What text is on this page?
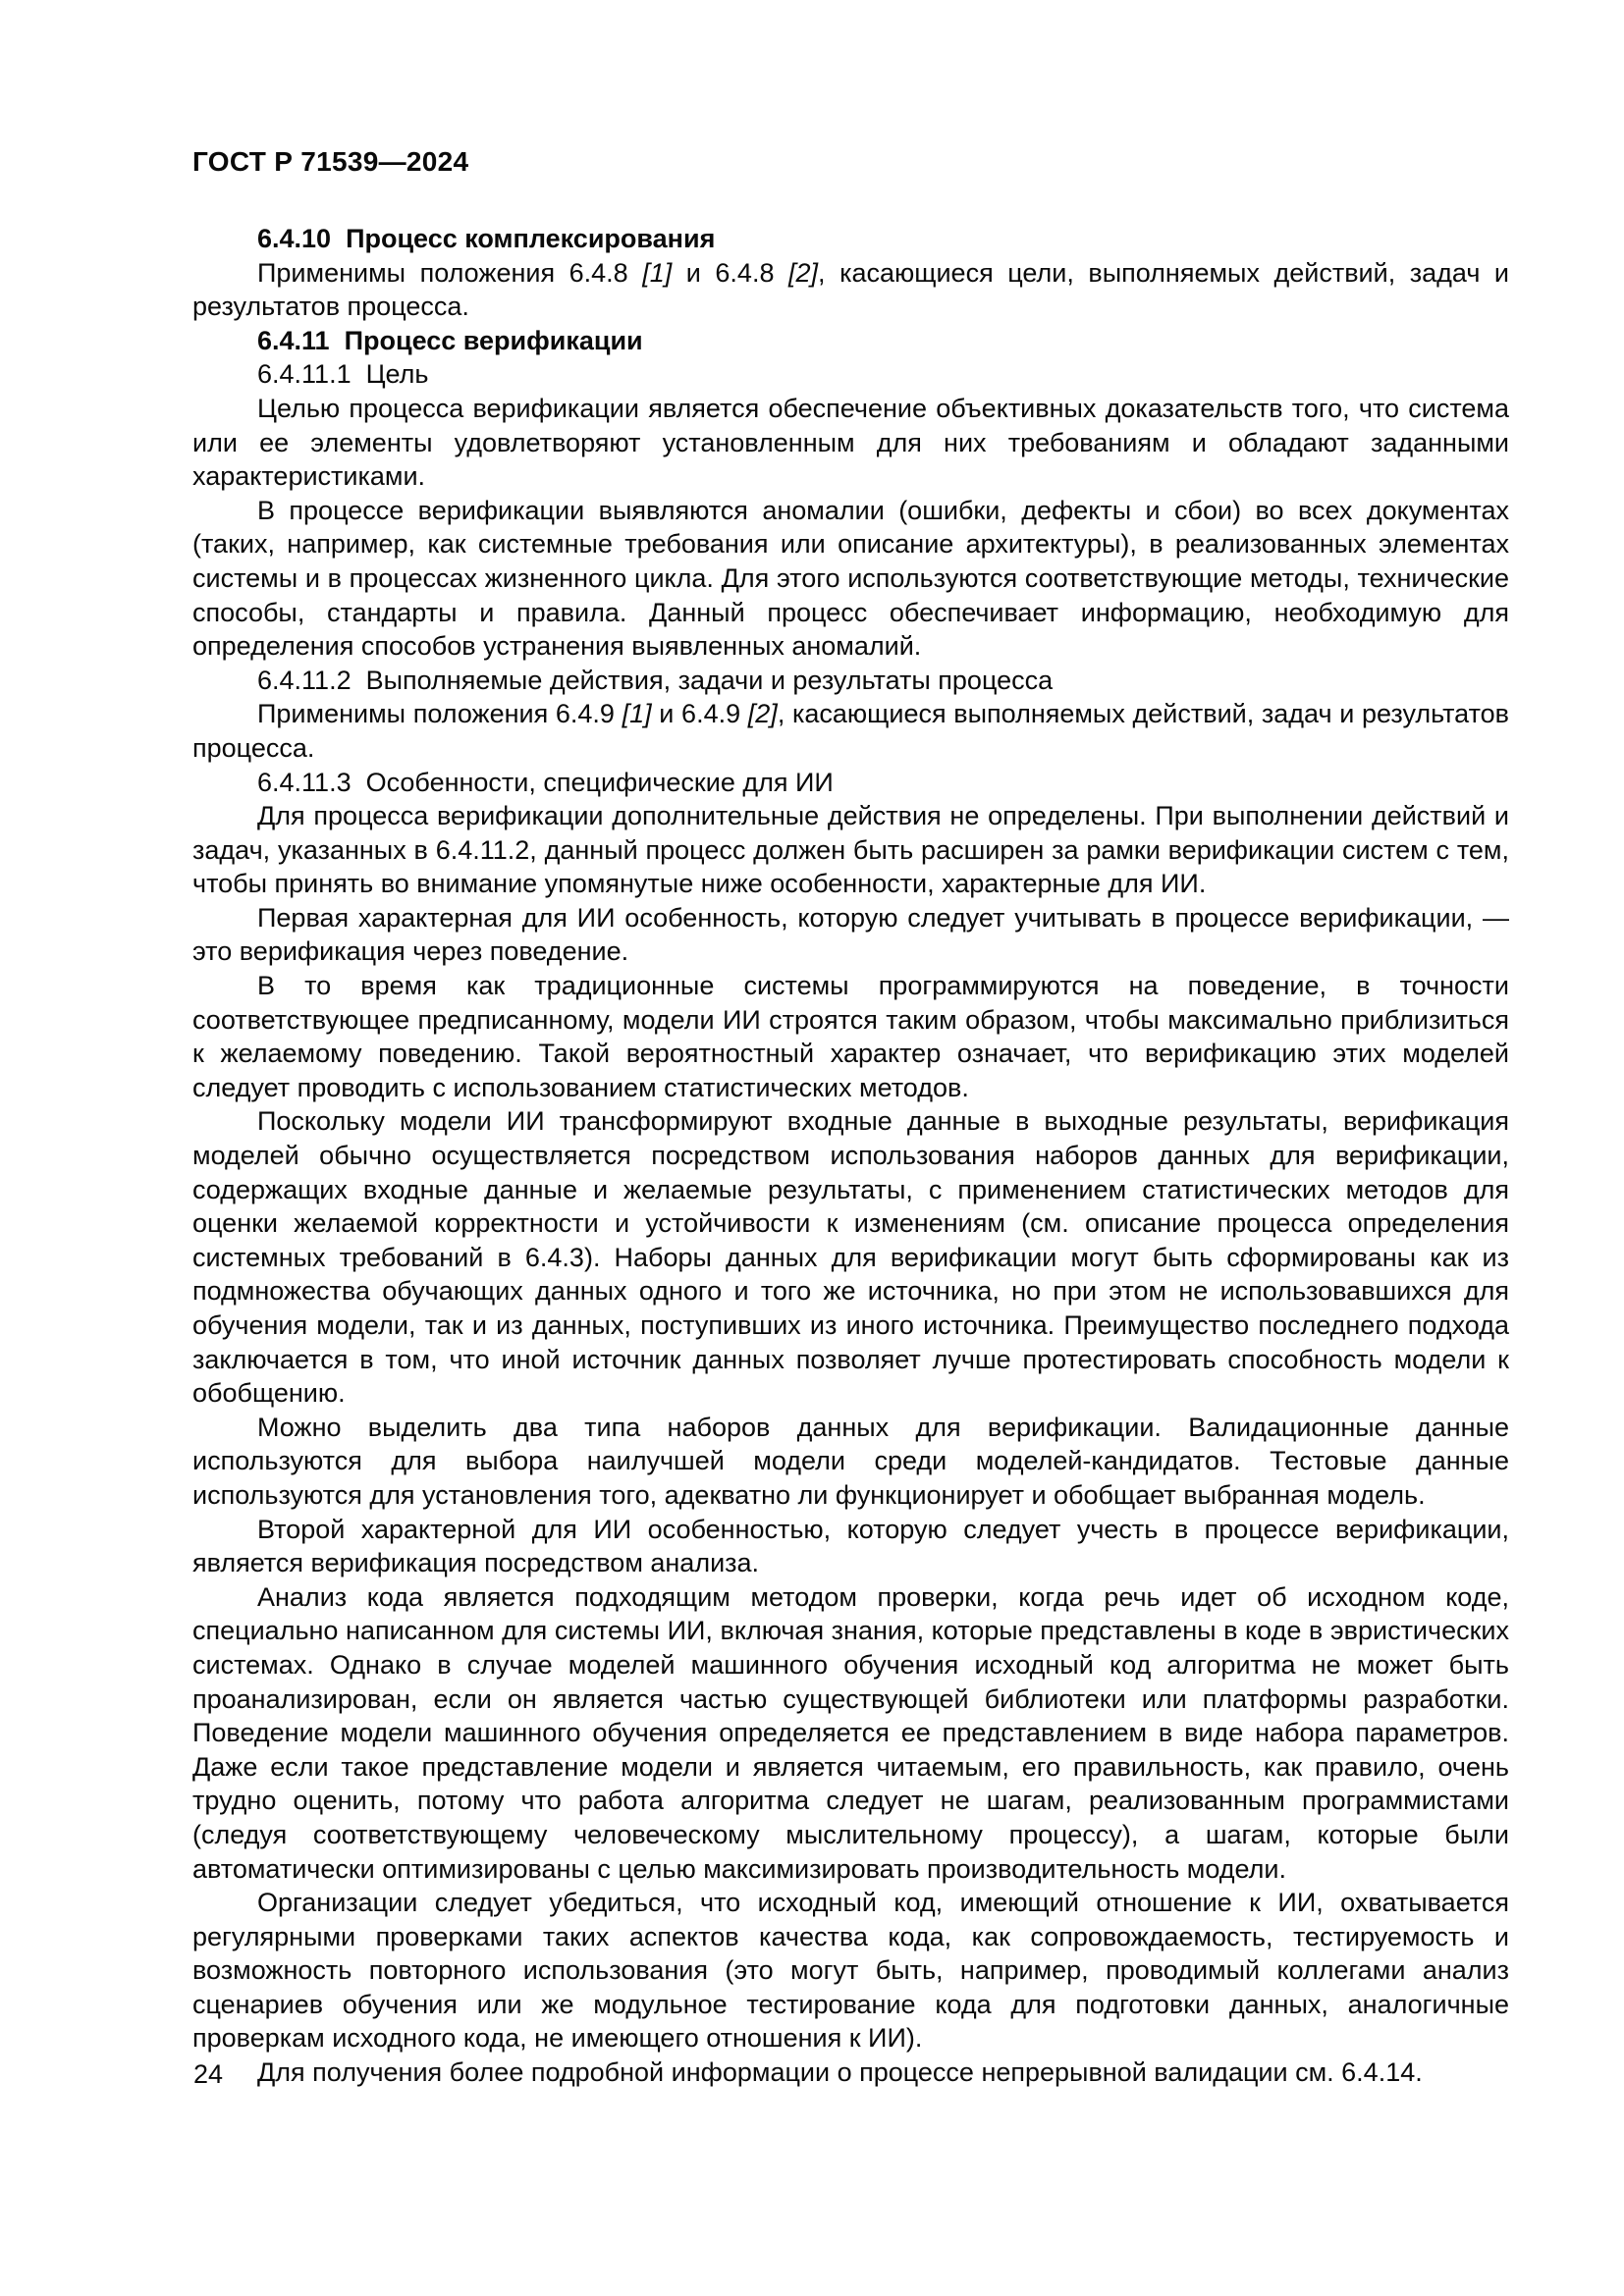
ГОСТ Р 71539—2024

6.4.10  Процесс комплексирования

Применимы положения 6.4.8 [1] и 6.4.8 [2], касающиеся цели, выполняемых действий, задач и результатов процесса.

6.4.11  Процесс верификации

6.4.11.1  Цель

Целью процесса верификации является обеспечение объективных доказательств того, что система или ее элементы удовлетворяют установленным для них требованиям и обладают заданными характеристиками.

В процессе верификации выявляются аномалии (ошибки, дефекты и сбои) во всех документах (таких, например, как системные требования или описание архитектуры), в реализованных элементах системы и в процессах жизненного цикла. Для этого используются соответствующие методы, технические способы, стандарты и правила. Данный процесс обеспечивает информацию, необходимую для определения способов устранения выявленных аномалий.

6.4.11.2  Выполняемые действия, задачи и результаты процесса

Применимы положения 6.4.9 [1] и 6.4.9 [2], касающиеся выполняемых действий, задач и результатов процесса.

6.4.11.3  Особенности, специфические для ИИ

Для процесса верификации дополнительные действия не определены. При выполнении действий и задач, указанных в 6.4.11.2, данный процесс должен быть расширен за рамки верификации систем с тем, чтобы принять во внимание упомянутые ниже особенности, характерные для ИИ.

Первая характерная для ИИ особенность, которую следует учитывать в процессе верификации, — это верификация через поведение.

В то время как традиционные системы программируются на поведение, в точности соответствующее предписанному, модели ИИ строятся таким образом, чтобы максимально приблизиться к желаемому поведению. Такой вероятностный характер означает, что верификацию этих моделей следует проводить с использованием статистических методов.

Поскольку модели ИИ трансформируют входные данные в выходные результаты, верификация моделей обычно осуществляется посредством использования наборов данных для верификации, содержащих входные данные и желаемые результаты, с применением статистических методов для оценки желаемой корректности и устойчивости к изменениям (см. описание процесса определения системных требований в 6.4.3). Наборы данных для верификации могут быть сформированы как из подмножества обучающих данных одного и того же источника, но при этом не использовавшихся для обучения модели, так и из данных, поступивших из иного источника. Преимущество последнего подхода заключается в том, что иной источник данных позволяет лучше протестировать способность модели к обобщению.

Можно выделить два типа наборов данных для верификации. Валидационные данные используются для выбора наилучшей модели среди моделей-кандидатов. Тестовые данные используются для установления того, адекватно ли функционирует и обобщает выбранная модель.

Второй характерной для ИИ особенностью, которую следует учесть в процессе верификации, является верификация посредством анализа.

Анализ кода является подходящим методом проверки, когда речь идет об исходном коде, специально написанном для системы ИИ, включая знания, которые представлены в коде в эвристических системах. Однако в случае моделей машинного обучения исходный код алгоритма не может быть проанализирован, если он является частью существующей библиотеки или платформы разработки. Поведение модели машинного обучения определяется ее представлением в виде набора параметров. Даже если такое представление модели и является читаемым, его правильность, как правило, очень трудно оценить, потому что работа алгоритма следует не шагам, реализованным программистами (следуя соответствующему человеческому мыслительному процессу), а шагам, которые были автоматически оптимизированы с целью максимизировать производительность модели.

Организации следует убедиться, что исходный код, имеющий отношение к ИИ, охватывается регулярными проверками таких аспектов качества кода, как сопровождаемость, тестируемость и возможность повторного использования (это могут быть, например, проводимый коллегами анализ сценариев обучения или же модульное тестирование кода для подготовки данных, аналогичные проверкам исходного кода, не имеющего отношения к ИИ).

Для получения более подробной информации о процессе непрерывной валидации см. 6.4.14.

24
